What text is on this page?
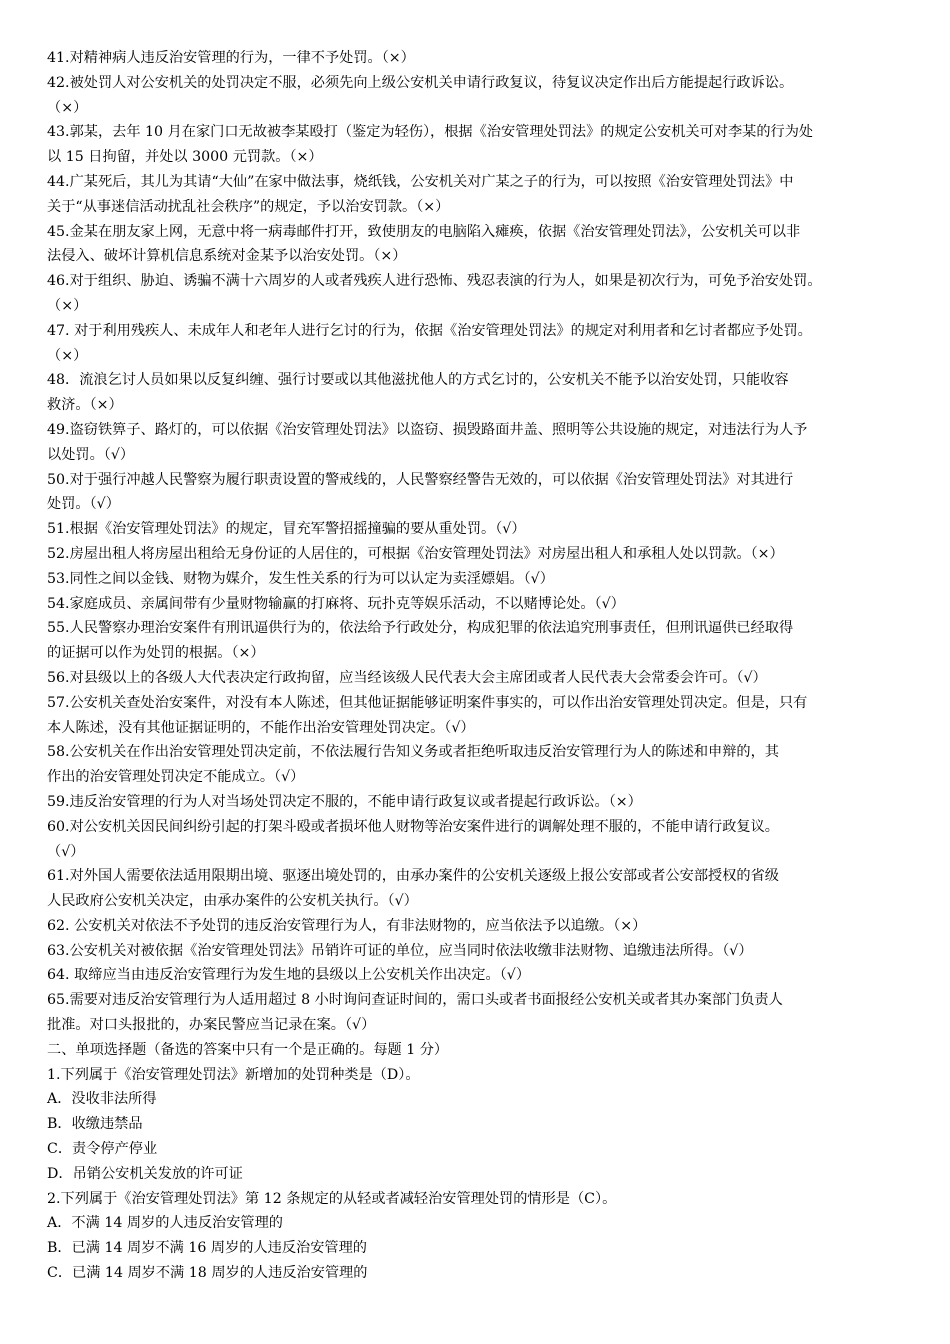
41.对精神病人违反治安管理的行为，一律不予处罚。（×）
42.被处罚人对公安机关的处罚决定不服，必须先向上级公安机关申请行政复议，待复议决定作出后方能提起行政诉讼。
（×）
43.郭某，去年 10 月在家门口无故被李某殴打（鉴定为轻伤），根据《治安管理处罚法》的规定公安机关可对李某的行为处
以 15 日拘留，并处以 3000 元罚款。（×）
44.广某死后，其儿为其请“大仙”在家中做法事，烧纸钱，公安机关对广某之子的行为，可以按照《治安管理处罚法》中
关于“从事迷信活动扰乱社会秩序”的规定，予以治安罚款。（×）
45.金某在朋友家上网，无意中将一病毒邮件打开，致使朋友的电脑陷入瘫痪，依据《治安管理处罚法》，公安机关可以非
法侵入、破坏计算机信息系统对金某予以治安处罚。（×）
46.对于组织、胁迫、诱骗不满十六周岁的人或者残疾人进行恐怖、残忍表演的行为人，如果是初次行为，可免予治安处罚。
（×）
47. 对于利用残疾人、未成年人和老年人进行乞讨的行为，依据《治安管理处罚法》的规定对利用者和乞讨者都应予处罚。
（×）
48．流浪乞讨人员如果以反复纠缠、强行讨要或以其他滋扰他人的方式乞讨的，公安机关不能予以治安处罚，只能收容
救济。（×）
49.盗窃铁箅子、路灯的，可以依据《治安管理处罚法》以盗窃、损毁路面井盖、照明等公共设施的规定，对违法行为人予
以处罚。（√）
50.对于强行冲越人民警察为履行职责设置的警戒线的，人民警察经警告无效的，可以依据《治安管理处罚法》对其进行
处罚。（√）
51.根据《治安管理处罚法》的规定，冒充军警招摇撞骗的要从重处罚。（√）
52.房屋出租人将房屋出租给无身份证的人居住的，可根据《治安管理处罚法》对房屋出租人和承租人处以罚款。（×）
53.同性之间以金钱、财物为媒介，发生性关系的行为可以认定为卖淫嫖娼。（√）
54.家庭成员、亲属间带有少量财物输赢的打麻将、玩扑克等娱乐活动，不以赌博论处。（√）
55.人民警察办理治安案件有刑讯逼供行为的，依法给予行政处分，构成犯罪的依法追究刑事责任，但刑讯逼供已经取得
的证据可以作为处罚的根据。（×）
56.对县级以上的各级人大代表决定行政拘留，应当经该级人民代表大会主席团或者人民代表大会常委会许可。（√）
57.公安机关查处治安案件，对没有本人陈述，但其他证据能够证明案件事实的，可以作出治安管理处罚决定。但是，只有
本人陈述，没有其他证据证明的，不能作出治安管理处罚决定。（√）
58.公安机关在作出治安管理处罚决定前，不依法履行告知义务或者拒绝听取违反治安管理行为人的陈述和申辩的，其
作出的治安管理处罚决定不能成立。（√）
59.违反治安管理的行为人对当场处罚决定不服的，不能申请行政复议或者提起行政诉讼。（×）
60.对公安机关因民间纠纷引起的打架斗殴或者损坏他人财物等治安案件进行的调解处理不服的，不能申请行政复议。
（√）
61.对外国人需要依法适用限期出境、驱逐出境处罚的，由承办案件的公安机关逐级上报公安部或者公安部授权的省级
人民政府公安机关决定，由承办案件的公安机关执行。（√）
62. 公安机关对依法不予处罚的违反治安管理行为人，有非法财物的，应当依法予以追缴。（×）
63.公安机关对被依据《治安管理处罚法》吊销许可证的单位，应当同时依法收缴非法财物、追缴违法所得。（√）
64. 取缔应当由违反治安管理行为发生地的县级以上公安机关作出决定。（√）
65.需要对违反治安管理行为人适用超过 8 小时询问查证时间的，需口头或者书面报经公安机关或者其办案部门负责人
批准。对口头报批的，办案民警应当记录在案。（√）
二、单项选择题（备选的答案中只有一个是正确的。每题 1 分）
1.下列属于《治安管理处罚法》新增加的处罚种类是（D）。
A．没收非法所得
B．收缴违禁品
C．责令停产停业
D．吊销公安机关发放的许可证
2.下列属于《治安管理处罚法》第 12 条规定的从轻或者减轻治安管理处罚的情形是（C）。
A．不满 14 周岁的人违反治安管理的
B．已满 14 周岁不满 16 周岁的人违反治安管理的
C．已满 14 周岁不满 18 周岁的人违反治安管理的
